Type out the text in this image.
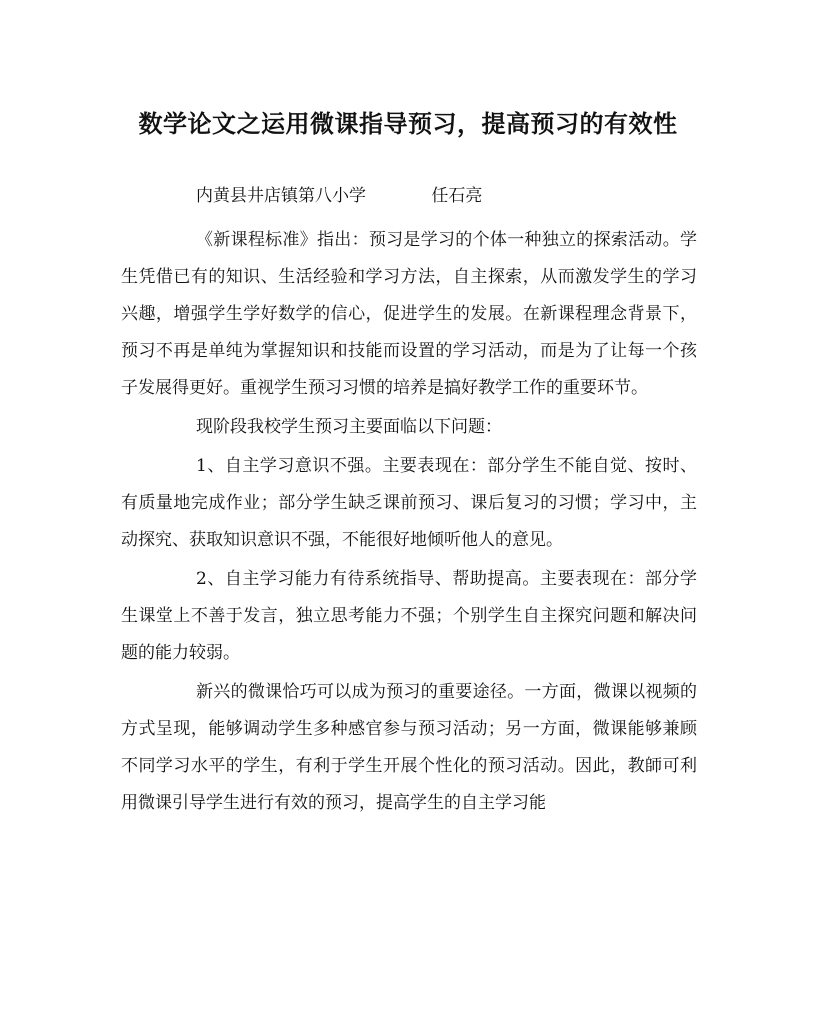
数学论文之运用微课指导预习，提高预习的有效性
内黄县井店镇第八小学	任石亮

《新课程标准》指出：预习是学习的个体一种独立的探索活动。学生凭借已有的知识、生活经验和学习方法，自主探索，从而激发学生的学习兴趣，增强学生学好数学的信心，促进学生的发展。在新课程理念背景下，预习不再是单纯为掌握知识和技能而设置的学习活动，而是为了让每一个孩子发展得更好。重视学生预习习惯的培养是搞好教学工作的重要环节。

现阶段我校学生预习主要面临以下问题：

1、自主学习意识不强。主要表现在：部分学生不能自觉、按时、有质量地完成作业；部分学生缺乏课前预习、课后复习的习惯；学习中，主动探究、获取知识意识不强，不能很好地倾听他人的意见。

2、自主学习能力有待系统指导、帮助提高。主要表现在：部分学生课堂上不善于发言，独立思考能力不强；个别学生自主探究问题和解决问题的能力较弱。

新兴的微课恰巧可以成为预习的重要途径。一方面，微课以视频的方式呈现，能够调动学生多种感官参与预习活动；另一方面，微课能够兼顾不同学习水平的学生，有利于学生开展个性化的预习活动。因此，教師可利用微课引导学生进行有效的预习，提高学生的自主学习能
